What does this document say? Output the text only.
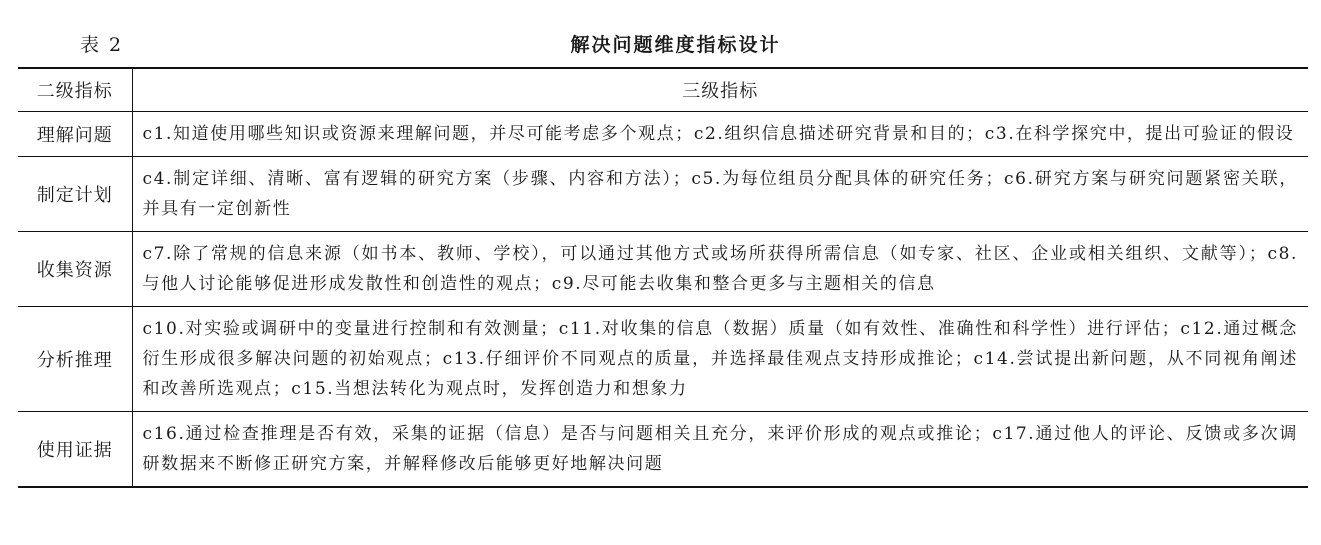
表 2	解决问题维度指标设计
二级指标	三级指标
理解问题	c1.知道使用哪些知识或资源来理解问题，并尽可能考虑多个观点；c2.组织信息描述研究背景和目的；c3.在科学探究中，提出可验证的假设
制定计划	c4.制定详细、清晰、富有逻辑的研究方案（步骤、内容和方法）；c5.为每位组员分配具体的研究任务；c6.研究方案与研究问题紧密关联，并具有一定创新性
收集资源	c7.除了常规的信息来源（如书本、教师、学校），可以通过其他方式或场所获得所需信息（如专家、社区、企业或相关组织、文献等）；c8.与他人讨论能够促进形成发散性和创造性的观点；c9.尽可能去收集和整合更多与主题相关的信息
分析推理	c10.对实验或调研中的变量进行控制和有效测量；c11.对收集的信息（数据）质量（如有效性、准确性和科学性）进行评估；c12.通过概念衍生形成很多解决问题的初始观点；c13.仔细评价不同观点的质量，并选择最佳观点支持形成推论；c14.尝试提出新问题，从不同视角阐述和改善所选观点；c15.当想法转化为观点时，发挥创造力和想象力
使用证据	c16.通过检查推理是否有效，采集的证据（信息）是否与问题相关且充分，来评价形成的观点或推论；c17.通过他人的评论、反馈或多次调研数据来不断修正研究方案，并解释修改后能够更好地解决问题
